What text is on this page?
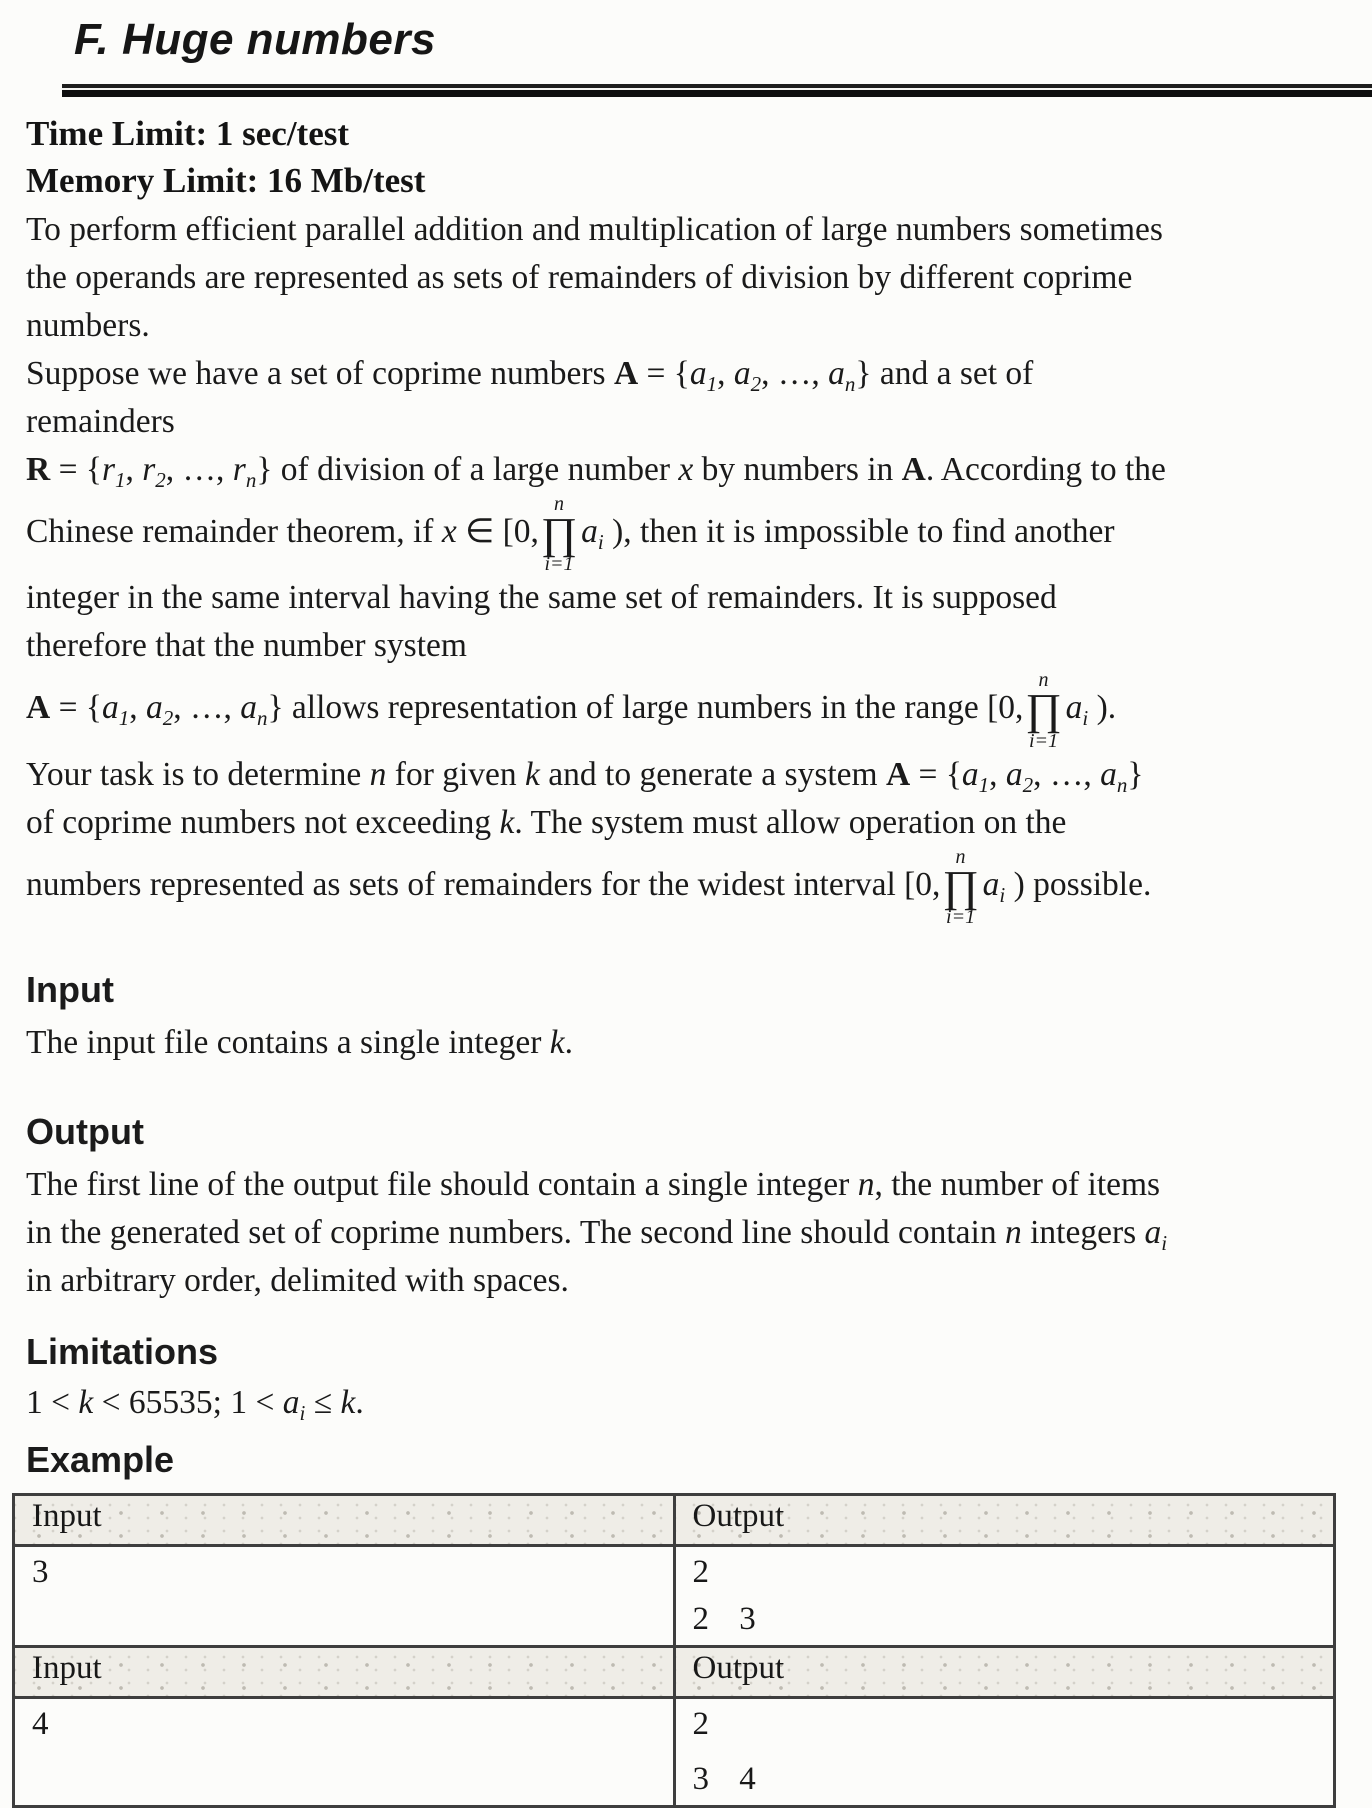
F. Huge numbers
Time Limit: 1 sec/test
Memory Limit: 16 Mb/test
To perform efficient parallel addition and multiplication of large numbers sometimes
the operands are represented as sets of remainders of division by different coprime
numbers.
Suppose we have a set of coprime numbers $A = \{a_1$, $a_2$, …, $a_n$} and a set of
remainders
$R = \{r_1$, $r_2$, …, $r_n$} of division of a large number x by numbers in A. According to the
Chinese remainder theorem, if x ∈ [0,
n
∏
i=1
$a_i$ ), then it is impossible to find another
integer in the same interval having the same set of remainders. It is supposed
therefore that the number system
$A = \{a_1$, $a_2$, …, $a_n$} allows representation of large numbers in the range [0,
n
∏
i=1
$a_i$ ).
Your task is to determine n for given k and to generate a system $A = \{a_1$, $a_2$, …, $a_n$}
of coprime numbers not exceeding k. The system must allow operation on the
numbers represented as sets of remainders for the widest interval [0,
n
∏
i=1
$a_i$ ) possible.
Input
The input file contains a single integer k.
Output
The first line of the output file should contain a single integer n, the number of items
in the generated set of coprime numbers. The second line should contain n integers $a_i$
in arbitrary order, delimited with spaces.
Limitations
1 < k < 65535; $1 < a_i \le k$.
Example
Input	Output

3	2
2 3

Input	Output

4	2
3 4
